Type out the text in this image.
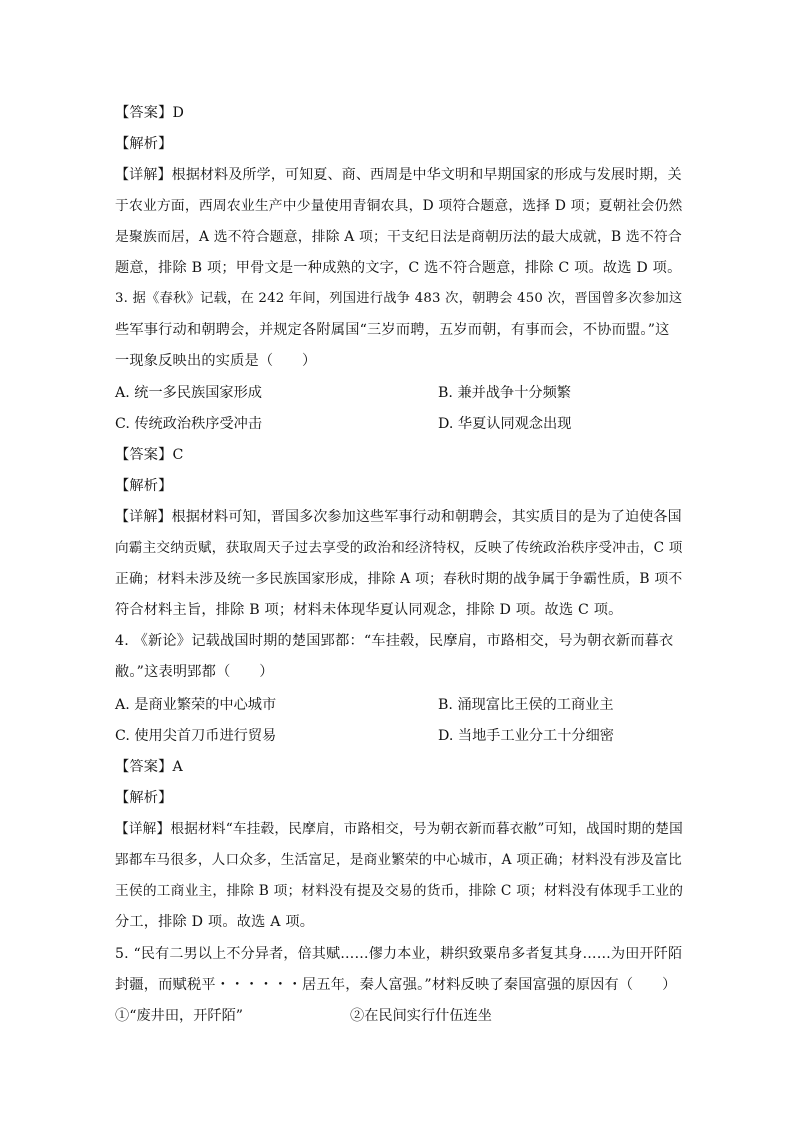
【答案】D
【解析】
【详解】根据材料及所学，可知夏、商、西周是中华文明和早期国家的形成与发展时期，关
于农业方面，西周农业生产中少量使用青铜农具，D 项符合题意，选择 D 项；夏朝社会仍然
是聚族而居，A 选不符合题意，排除 A 项；干支纪日法是商朝历法的最大成就，B 选不符合
题意，排除 B 项；甲骨文是一种成熟的文字，C 选不符合题意，排除 C 项。故选 D 项。
3. 据《春秋》记载，在 242 年间，列国进行战争 483 次，朝聘会 450 次，晋国曾多次参加这
些军事行动和朝聘会，并规定各附属国“三岁而聘，五岁而朝，有事而会，不协而盟。”这
一现象反映出的实质是（　　）
A. 统一多民族国家形成	B. 兼并战争十分频繁
C. 传统政治秩序受冲击	D. 华夏认同观念出现
【答案】C
【解析】
【详解】根据材料可知，晋国多次参加这些军事行动和朝聘会，其实质目的是为了迫使各国
向霸主交纳贡赋，获取周天子过去享受的政治和经济特权，反映了传统政治秩序受冲击，C 项
正确；材料未涉及统一多民族国家形成，排除 A 项；春秋时期的战争属于争霸性质，B 项不
符合材料主旨，排除 B 项；材料未体现华夏认同观念，排除 D 项。故选 C 项。
4. 《新论》记载战国时期的楚国郢都：“车挂毂，民摩肩，市路相交，号为朝衣新而暮衣
敝。”这表明郢都（　　）
A. 是商业繁荣的中心城市	B. 涌现富比王侯的工商业主
C. 使用尖首刀币进行贸易	D. 当地手工业分工十分细密
【答案】A
【解析】
【详解】根据材料“车挂毂，民摩肩，市路相交，号为朝衣新而暮衣敝”可知，战国时期的楚国
郢都车马很多，人口众多，生活富足，是商业繁荣的中心城市，A 项正确；材料没有涉及富比
王侯的工商业主，排除 B 项；材料没有提及交易的货币，排除 C 项；材料没有体现手工业的
分工，排除 D 项。故选 A 项。
5. “民有二男以上不分异者，倍其赋……僇力本业，耕织致粟帛多者复其身……为田开阡陌
封疆，而赋税平・・・・・・居五年，秦人富强。”材料反映了秦国富强的原因有（　　）
①“废井田，开阡陌”	②在民间实行什伍连坐
